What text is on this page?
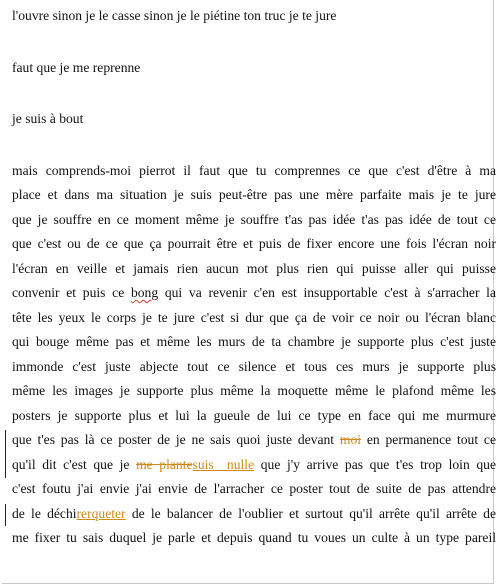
l'ouvre sinon je le casse sinon je le piétine ton truc je te jure
faut que je me reprenne
je suis à bout
mais comprends-moi pierrot il faut que tu comprennes ce que c'est d'être à ma
place et dans ma situation je suis peut-être pas une mère parfaite mais je te jure
que je souffre en ce moment même je souffre t'as pas idée t'as pas idée de tout ce
que c'est ou de ce que ça pourrait être et puis de fixer encore une fois l'écran noir
l'écran en veille et jamais rien aucun mot plus rien qui puisse aller qui puisse
convenir et puis ce bong qui va revenir c'en est insupportable c'est à s'arracher la
tête les yeux le corps je te jure c'est si dur que ça de voir ce noir ou l'écran blanc
qui bouge même pas et même les murs de ta chambre je supporte plus c'est juste
immonde c'est juste abjecte tout ce silence et tous ces murs je supporte plus
même les images je supporte plus même la moquette même le plafond même les
posters je supporte plus et lui la gueule de lui ce type en face qui me murmure
que t'es pas là ce poster de je ne sais quoi juste devant moi en permanence tout ce
qu'il dit c'est que je me plantesuis  nulle que j'y arrive pas que t'es trop loin que
c'est foutu j'ai envie j'ai envie de l'arracher ce poster tout de suite de pas attendre
de le déchirerqueter de le balancer de l'oublier et surtout qu'il arrête qu'il arrête de
me fixer tu sais duquel je parle et depuis quand tu voues un culte à un type pareil
